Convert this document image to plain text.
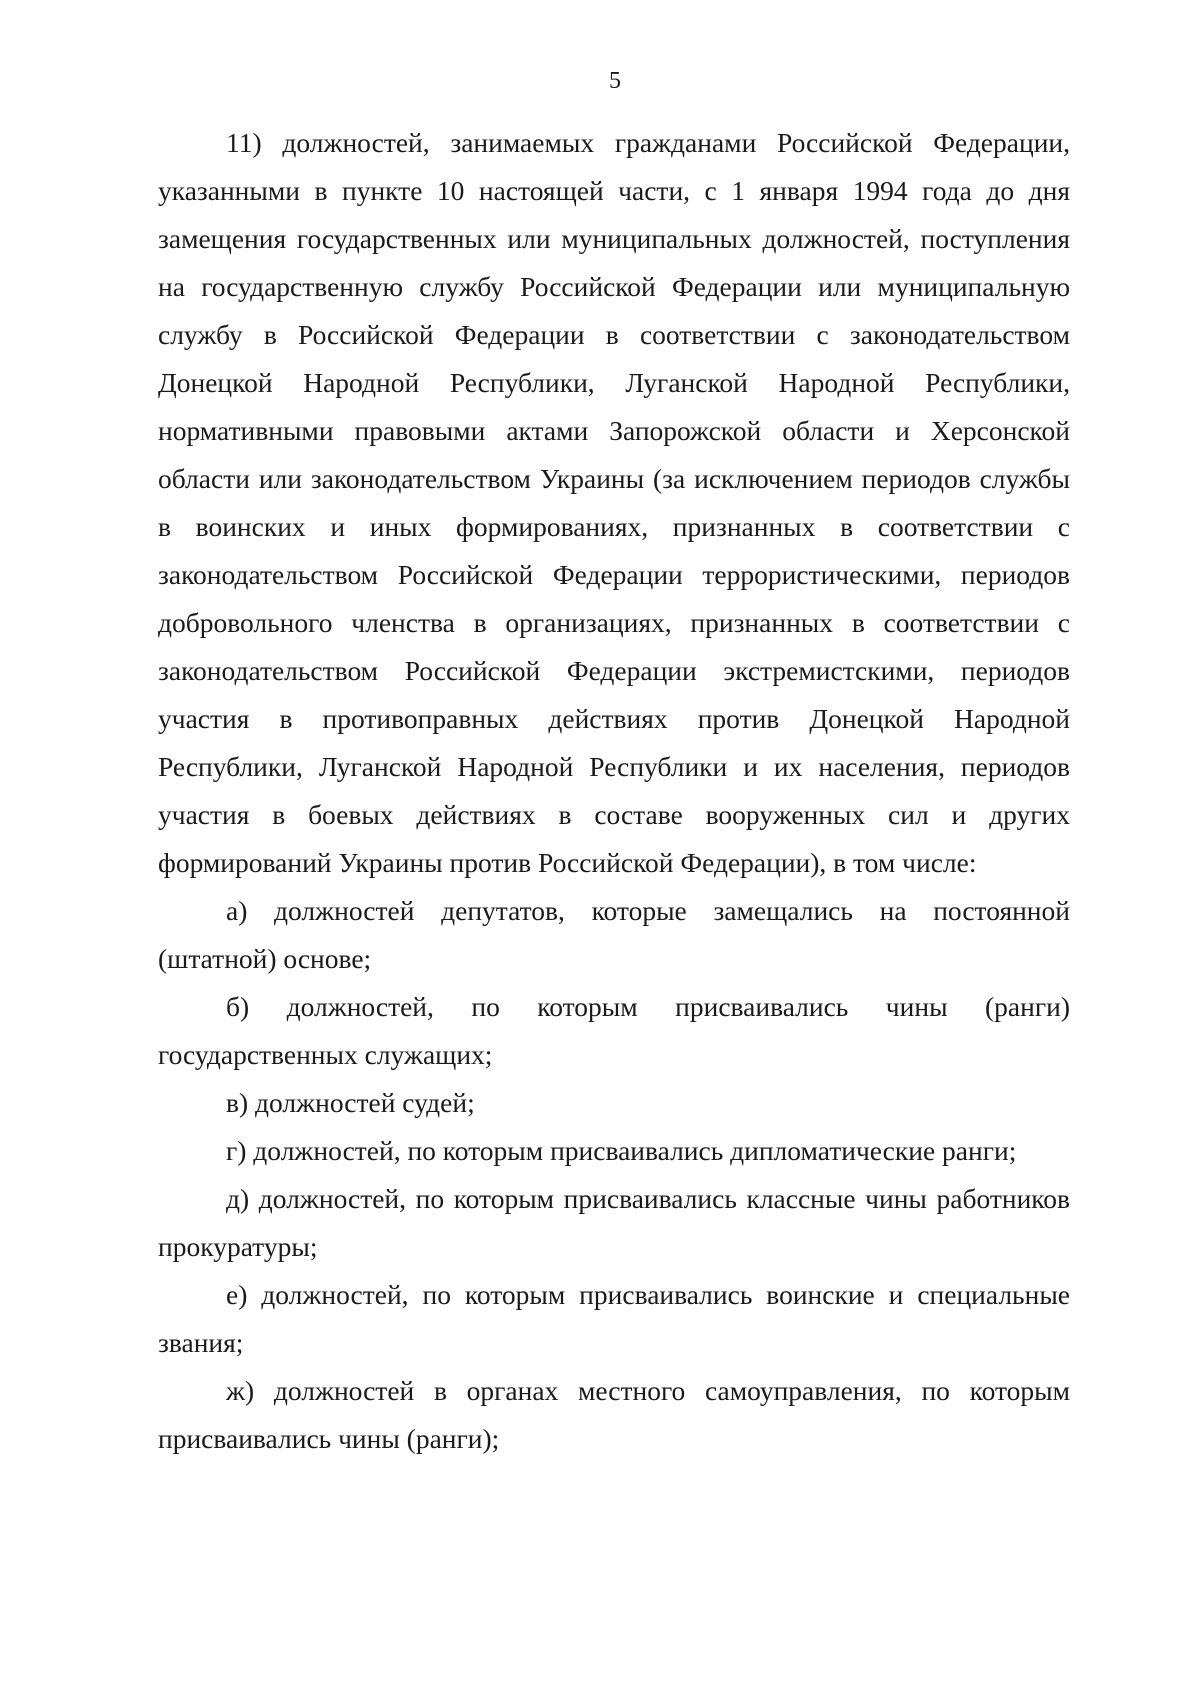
5

11) должностей, занимаемых гражданами Российской Федерации, указанными в пункте 10 настоящей части, с 1 января 1994 года до дня замещения государственных или муниципальных должностей, поступления на государственную службу Российской Федерации или муниципальную службу в Российской Федерации в соответствии с законодательством Донецкой Народной Республики, Луганской Народной Республики, нормативными правовыми актами Запорожской области и Херсонской области или законодательством Украины (за исключением периодов службы в воинских и иных формированиях, признанных в соответствии с законодательством Российской Федерации террористическими, периодов добровольного членства в организациях, признанных в соответствии с законодательством Российской Федерации экстремистскими, периодов участия в противоправных действиях против Донецкой Народной Республики, Луганской Народной Республики и их населения, периодов участия в боевых действиях в составе вооруженных сил и других формирований Украины против Российской Федерации), в том числе:

а) должностей депутатов, которые замещались на постоянной (штатной) основе;

б) должностей, по которым присваивались чины (ранги) государственных служащих;

в) должностей судей;

г) должностей, по которым присваивались дипломатические ранги;

д) должностей, по которым присваивались классные чины работников прокуратуры;

е) должностей, по которым присваивались воинские и специальные звания;

ж) должностей в органах местного самоуправления, по которым присваивались чины (ранги);
